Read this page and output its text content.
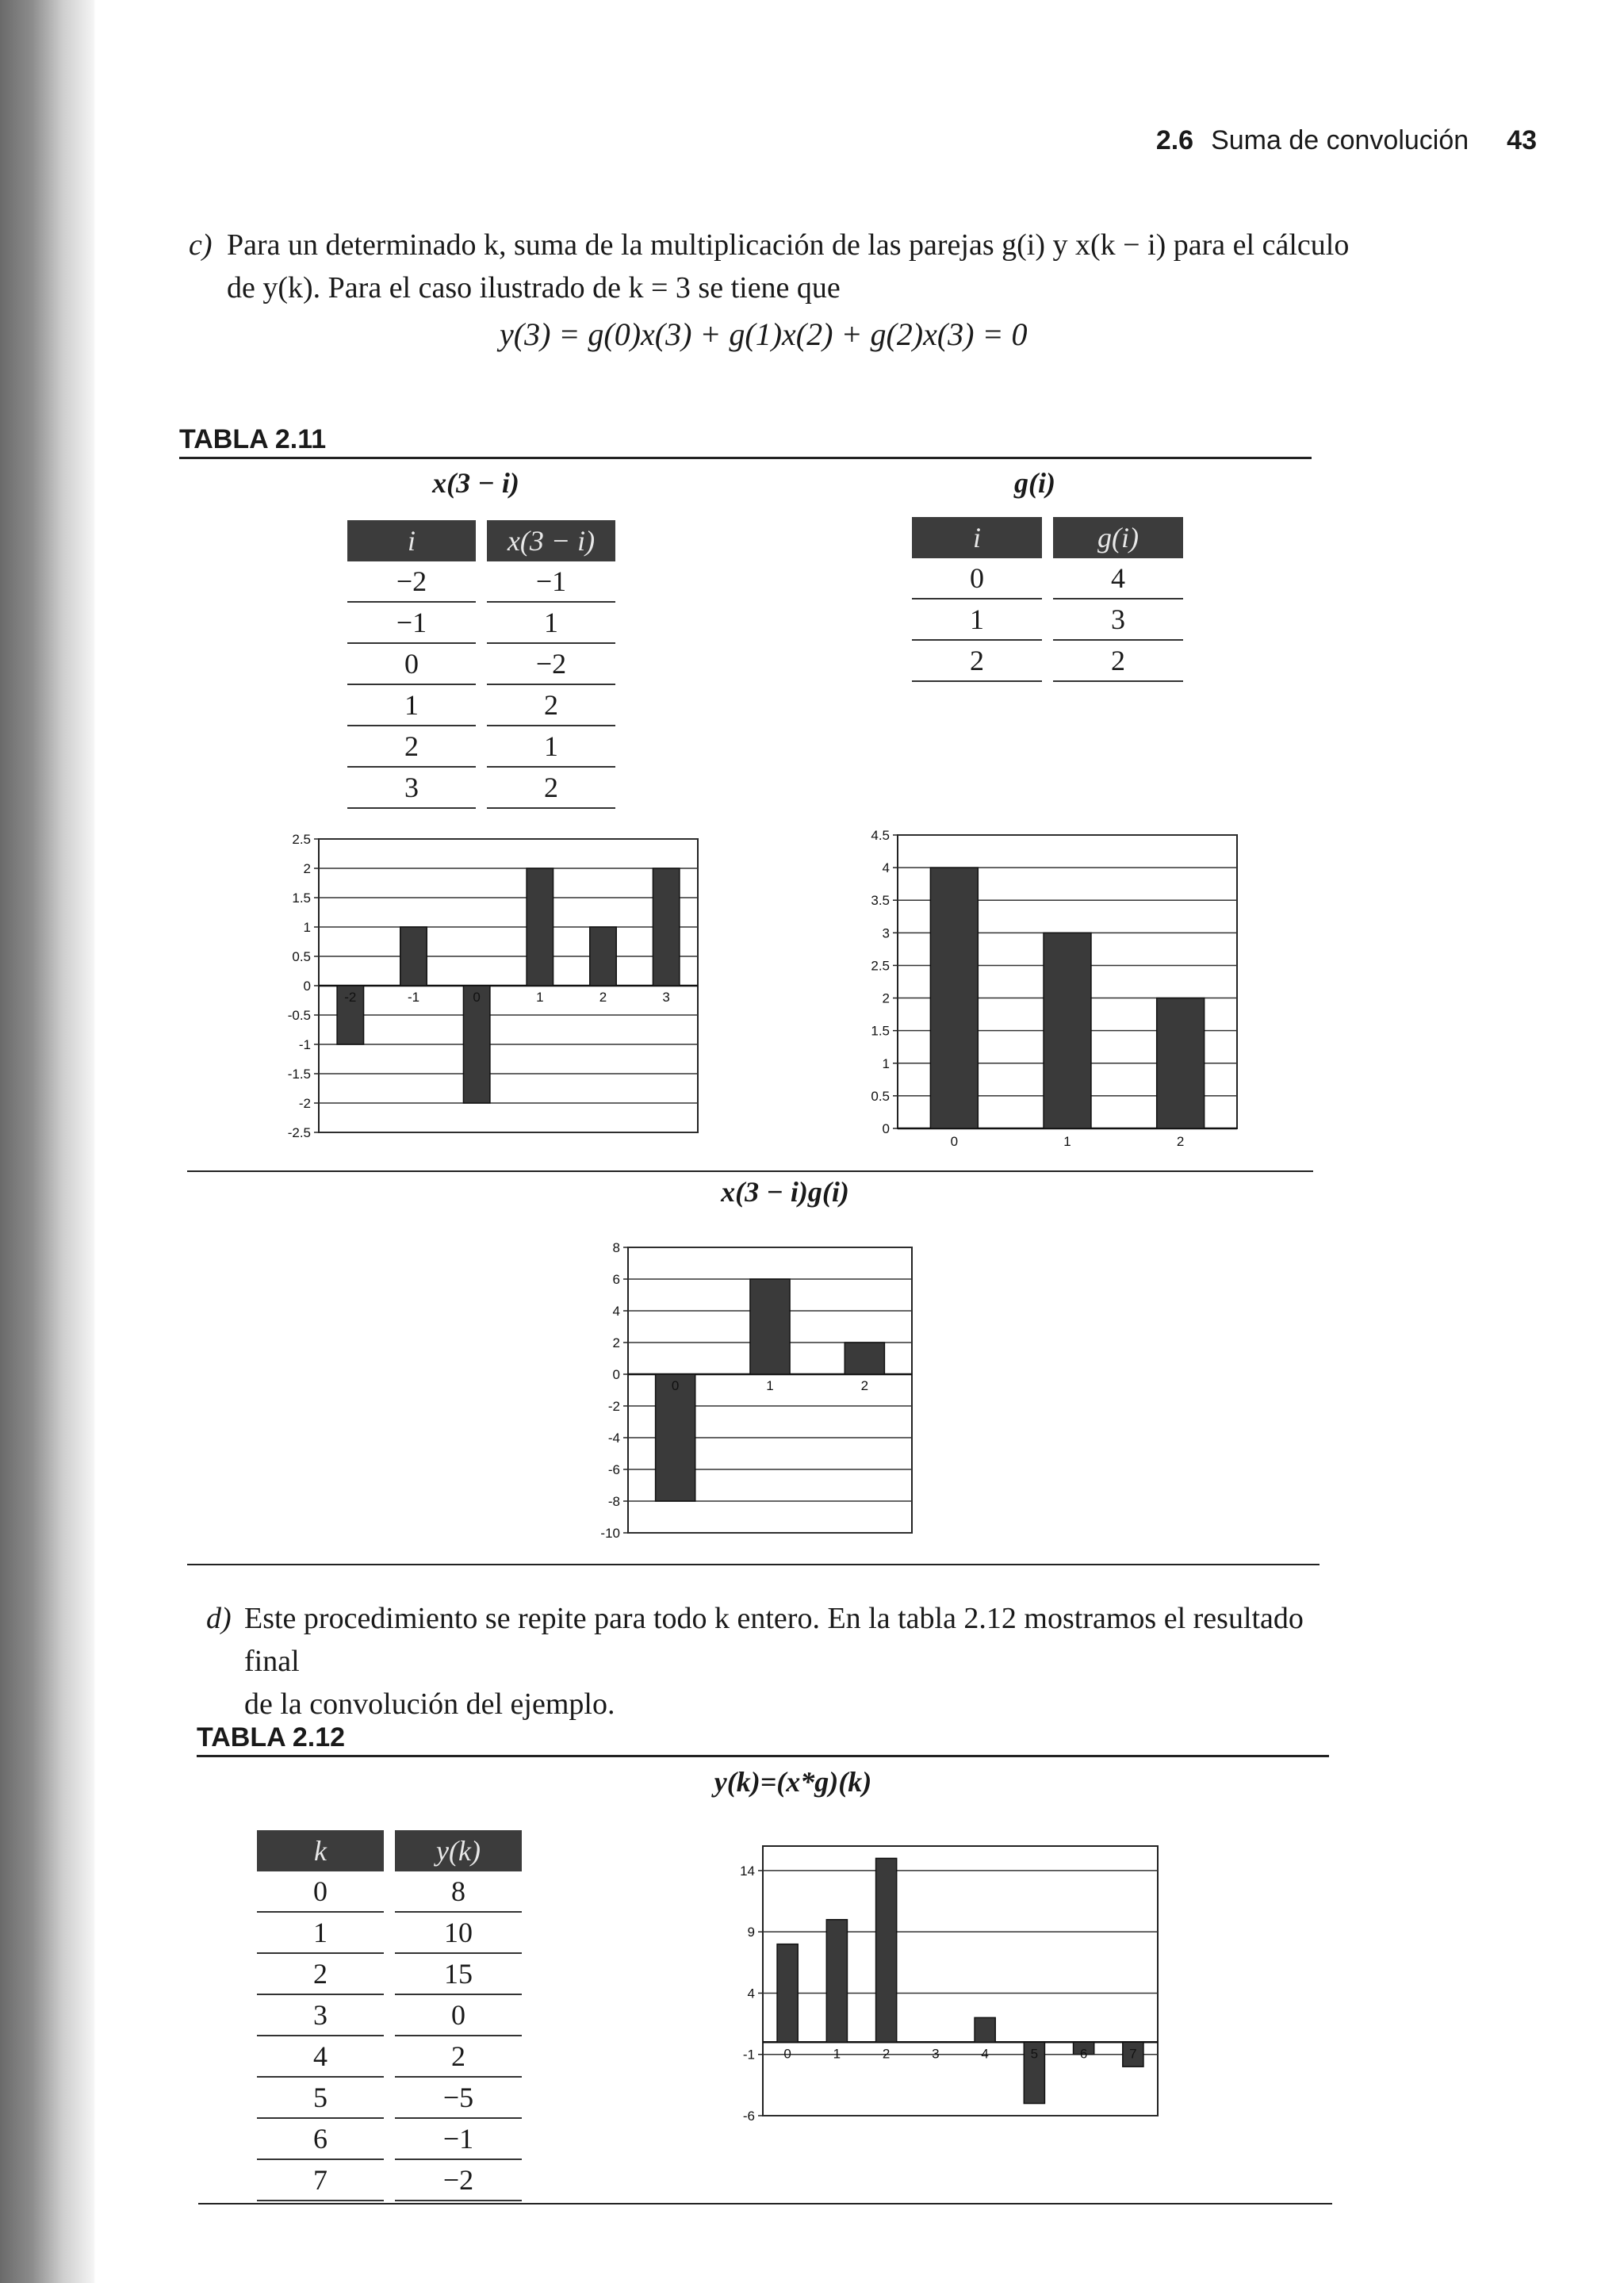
2.6 Suma de convolución 43
c) Para un determinado k, suma de la multiplicación de las parejas g(i) y x(k − i) para el cálculo
de y(k). Para el caso ilustrado de k = 3 se tiene que
y(3) = g(0)x(3) + g(1)x(2) + g(2)x(3) = 0
TABLA 2.11
x(3 − i)	g(i)
i	x(3 − i)
−2	−1
−1	1
0	−2
1	2
2	1
3	2
i	g(i)
0	4
1	3
2	2
2.5
2
1.5
1
0.5
0
-0.5
-1
-1.5
-2
-2.5
-2	-1	0	1	2	3
4.5
4
3.5
3
2.5
2
1.5
1
0.5
0
0	1	2
x(3 − i)g(i)
8
6
4
2
0
-2
-4
-6
-8
-10
0	1	2
d) Este procedimiento se repite para todo k entero. En la tabla 2.12 mostramos el resultado final
de la convolución del ejemplo.
TABLA 2.12
y(k)=(x*g)(k)
k	y(k)
0	8
1	10
2	15
3	0
4	2
5	−5
6	−1
7	−2
14
9
4
-1
-6
0	1	2	3	4	5	6	7
